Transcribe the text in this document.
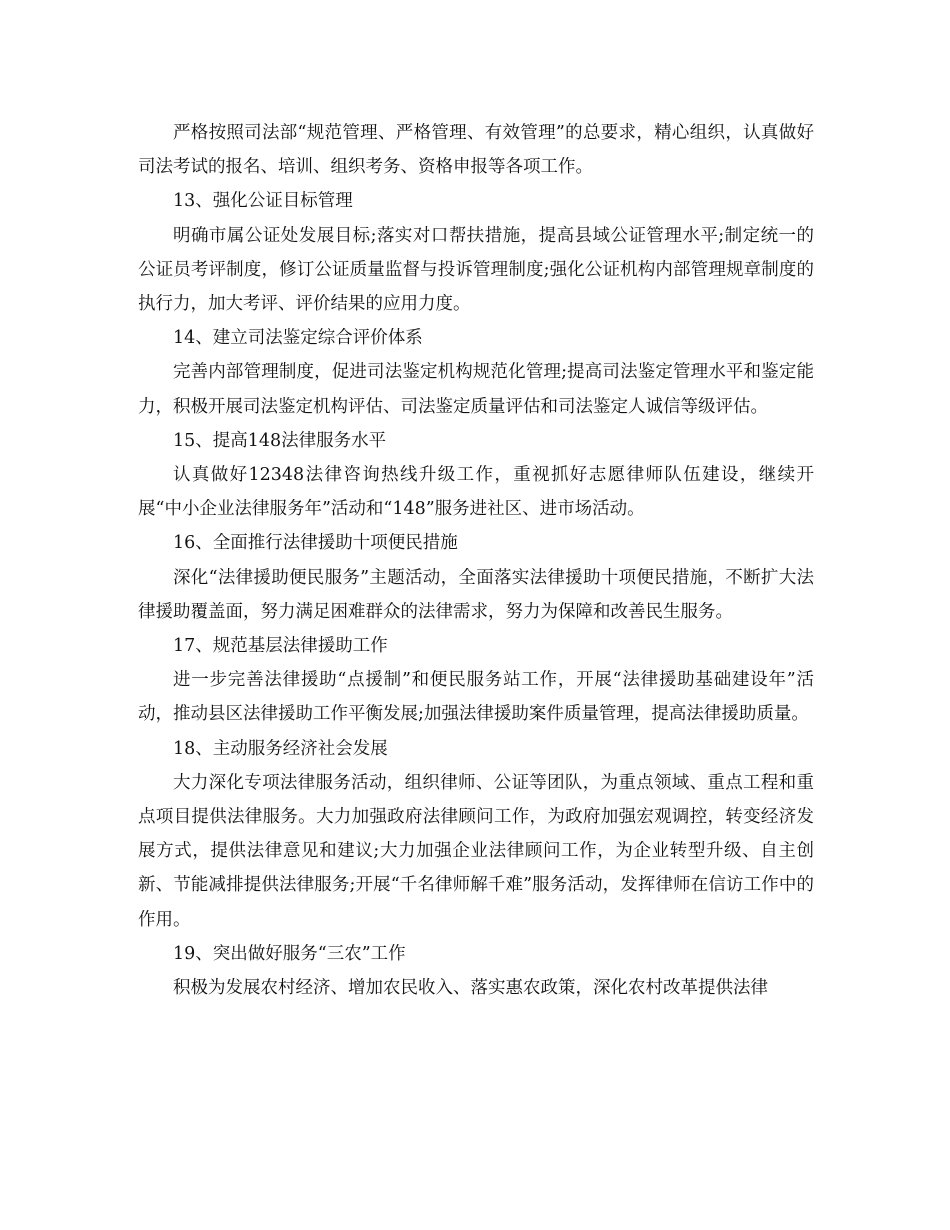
严格按照司法部“规范管理、严格管理、有效管理”的总要求，精心组织，认真做好司法考试的报名、培训、组织考务、资格申报等各项工作。

13、强化公证目标管理

明确市属公证处发展目标;落实对口帮扶措施，提高县域公证管理水平;制定统一的公证员考评制度，修订公证质量监督与投诉管理制度;强化公证机构内部管理规章制度的执行力，加大考评、评价结果的应用力度。

14、建立司法鉴定综合评价体系

完善内部管理制度，促进司法鉴定机构规范化管理;提高司法鉴定管理水平和鉴定能力，积极开展司法鉴定机构评估、司法鉴定质量评估和司法鉴定人诚信等级评估。

15、提高148法律服务水平

认真做好12348法律咨询热线升级工作，重视抓好志愿律师队伍建设，继续开展“中小企业法律服务年”活动和“148”服务进社区、进市场活动。

16、全面推行法律援助十项便民措施

深化“法律援助便民服务”主题活动，全面落实法律援助十项便民措施，不断扩大法律援助覆盖面，努力满足困难群众的法律需求，努力为保障和改善民生服务。

17、规范基层法律援助工作

进一步完善法律援助“点援制”和便民服务站工作，开展“法律援助基础建设年”活动，推动县区法律援助工作平衡发展;加强法律援助案件质量管理，提高法律援助质量。

18、主动服务经济社会发展

大力深化专项法律服务活动，组织律师、公证等团队，为重点领域、重点工程和重点项目提供法律服务。大力加强政府法律顾问工作，为政府加强宏观调控，转变经济发展方式，提供法律意见和建议;大力加强企业法律顾问工作，为企业转型升级、自主创新、节能减排提供法律服务;开展“千名律师解千难”服务活动，发挥律师在信访工作中的作用。

19、突出做好服务“三农”工作

积极为发展农村经济、增加农民收入、落实惠农政策，深化农村改革提供法律
